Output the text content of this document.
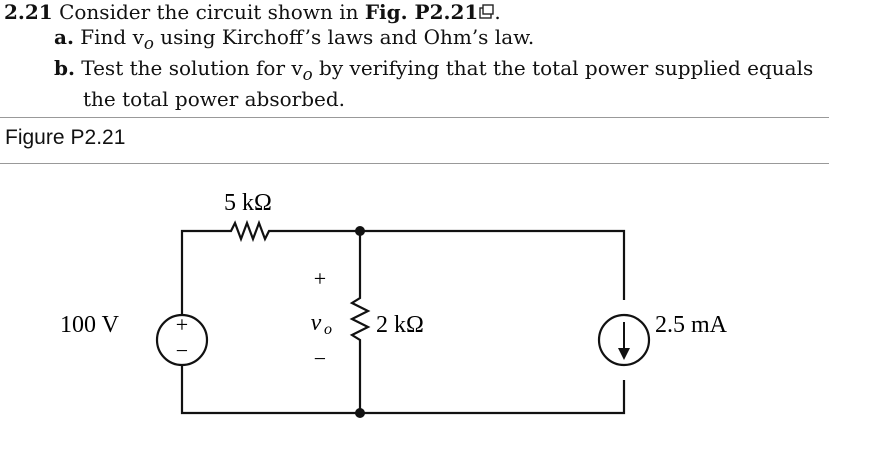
2.21 Consider the circuit shown in Fig. P2.21 .

a. Find $v_o$ using Kirchoff’s laws and Ohm’s law.

b. Test the solution for $v_o$ by verifying that the total power supplied equals

the total power absorbed.

Figure P2.21
+
−
5 kΩ
100 V	2 kΩ	2.5 mA
+
v o
−
